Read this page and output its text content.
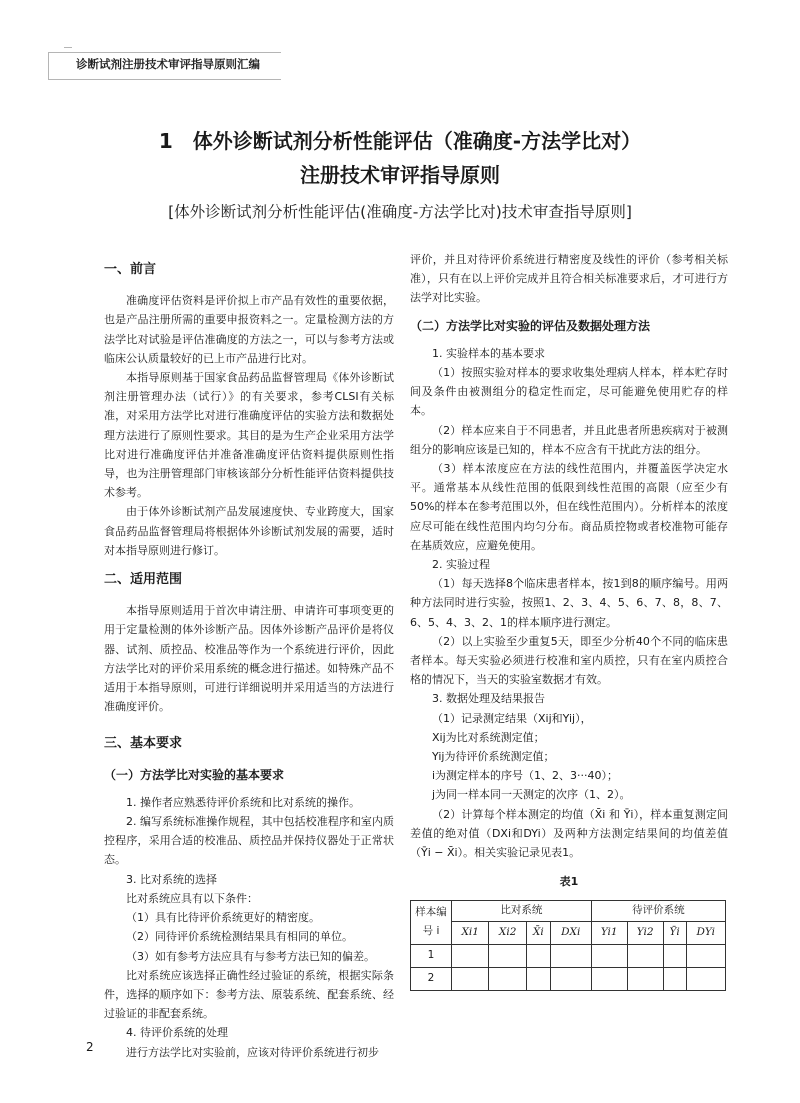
诊断试剂注册技术审评指导原则汇编
1　体外诊断试剂分析性能评估（准确度-方法学比对）
注册技术审评指导原则
[体外诊断试剂分析性能评估(准确度-方法学比对)技术审查指导原则]
一、前言

准确度评估资料是评价拟上市产品有效性的重要依据，也是产品注册所需的重要申报资料之一。定量检测方法的方法学比对试验是评估准确度的方法之一，可以与参考方法或临床公认质量较好的已上市产品进行比对。

本指导原则基于国家食品药品监督管理局《体外诊断试剂注册管理办法（试行）》的有关要求，参考CLSI有关标准，对采用方法学比对进行准确度评估的实验方法和数据处理方法进行了原则性要求。其目的是为生产企业采用方法学比对进行准确度评估并准备准确度评估资料提供原则性指导，也为注册管理部门审核该部分分析性能评估资料提供技术参考。

由于体外诊断试剂产品发展速度快、专业跨度大，国家食品药品监督管理局将根据体外诊断试剂发展的需要，适时对本指导原则进行修订。

二、适用范围

本指导原则适用于首次申请注册、申请许可事项变更的用于定量检测的体外诊断产品。因体外诊断产品评价是将仪器、试剂、质控品、校准品等作为一个系统进行评价，因此方法学比对的评价采用系统的概念进行描述。如特殊产品不适用于本指导原则，可进行详细说明并采用适当的方法进行准确度评价。

三、基本要求
（一）方法学比对实验的基本要求

1. 操作者应熟悉待评价系统和比对系统的操作。

2. 编写系统标准操作规程，其中包括校准程序和室内质控程序，采用合适的校准品、质控品并保持仪器处于正常状态。

3. 比对系统的选择

比对系统应具有以下条件：

（1）具有比待评价系统更好的精密度。

（2）同待评价系统检测结果具有相同的单位。

（3）如有参考方法应具有与参考方法已知的偏差。

比对系统应该选择正确性经过验证的系统，根据实际条件，选择的顺序如下：参考方法、原装系统、配套系统、经过验证的非配套系统。

4. 待评价系统的处理

进行方法学比对实验前，应该对待评价系统进行初步

评价，并且对待评价系统进行精密度及线性的评价（参考相关标准），只有在以上评价完成并且符合相关标准要求后，才可进行方法学对比实验。

（二）方法学比对实验的评估及数据处理方法

1. 实验样本的基本要求

（1）按照实验对样本的要求收集处理病人样本，样本贮存时间及条件由被测组分的稳定性而定，尽可能避免使用贮存的样本。

（2）样本应来自于不同患者，并且此患者所患疾病对于被测组分的影响应该是已知的，样本不应含有干扰此方法的组分。

（3）样本浓度应在方法的线性范围内，并覆盖医学决定水平。通常基本从线性范围的低限到线性范围的高限（应至少有50%的样本在参考范围以外，但在线性范围内）。分析样本的浓度应尽可能在线性范围内均匀分布。商品质控物或者校准物可能存在基质效应，应避免使用。

2. 实验过程

（1）每天选择8个临床患者样本，按1到8的顺序编号。用两种方法同时进行实验，按照1、2、3、4、5、6、7、8，8、7、6、5、4、3、2、1的样本顺序进行测定。

（2）以上实验至少重复5天，即至少分析40个不同的临床患者样本。每天实验必须进行校准和室内质控，只有在室内质控合格的情况下，当天的实验室数据才有效。

3. 数据处理及结果报告

（1）记录测定结果（Xij和Yij），

Xij为比对系统测定值；

Yij为待评价系统测定值；

i为测定样本的序号（1、2、3···40）；

j为同一样本同一天测定的次序（1、2）。

（2）计算每个样本测定的均值（X̄i 和 Ȳi），样本重复测定间差值的绝对值（DXi和DYi）及两种方法测定结果间的均值差值（Ȳi − X̄i）。相关实验记录见表1。

表1
样本编号 i	比对系统				待评价系统			
	Xi1	Xi2	X̄i	DXi	Yi1	Yi2	Ȳi	DYi
1								
2								
2
